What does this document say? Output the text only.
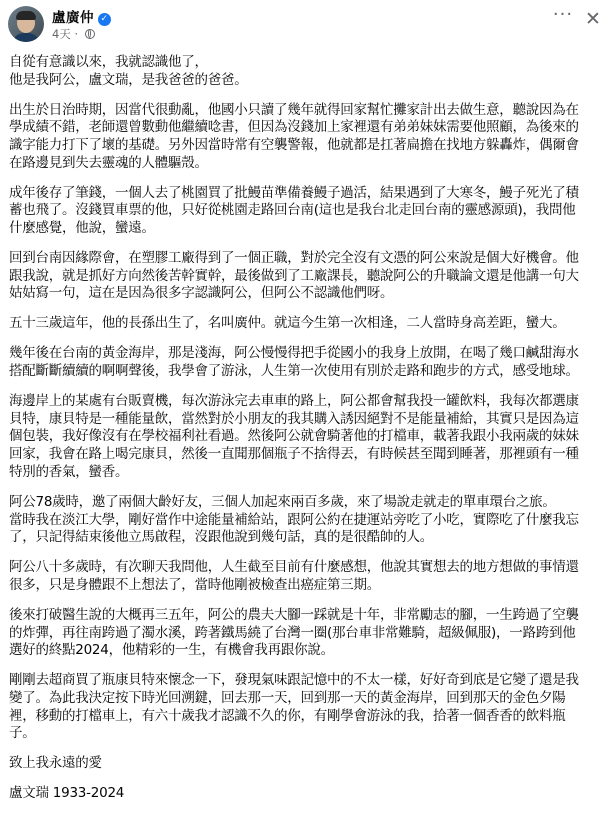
盧廣仲 ✓
4天 ·
··· ✕
自從有意識以來，我就認識他了，
他是我阿公，盧文瑞，是我爸爸的爸爸。
出生於日治時期，因當代很動亂，他國小只讀了幾年就得回家幫忙攤家計出去做生意，聽說因為在
學成績不錯，老師還曾數動他繼續唸書，但因為沒錢加上家裡還有弟弟妹妹需要他照顧，為後來的
識字能力打下了壞的基礎。另外因當時常有空襲警報，他就都是扛著扁擔在找地方躲轟炸，偶爾會
在路邊見到失去靈魂的人體驅殼。
成年後存了筆錢，一個人去了桃園買了批鰻苗準備養鰻子過活，結果遇到了大寒冬，鰻子死光了積
蓄也飛了。沒錢買車票的他，只好從桃園走路回台南(這也是我台北走回台南的靈感源頭)，我問他
什麼感覺，他說，蠻遠。
回到台南因緣際會，在塑膠工廠得到了一個正職，對於完全沒有文憑的阿公來說是個大好機會。他
跟我說，就是抓好方向然後苦幹實幹，最後做到了工廠課長，聽說阿公的升職論文還是他講一句大
姑姑寫一句，這在是因為很多字認識阿公，但阿公不認識他們呀。
五十三歲這年，他的長孫出生了，名叫廣仲。就這今生第一次相逢，二人當時身高差距，蠻大。
幾年後在台南的黃金海岸，那是淺海，阿公慢慢得把手從國小的我身上放開，在喝了幾口鹹甜海水
搭配斷斷續續的啊啊聲後，我學會了游泳，人生第一次使用有別於走路和跑步的方式，感受地球。
海邊岸上的某處有台販賣機，每次游泳完去車車的路上，阿公都會幫我投一罐飲料，我每次都選康
貝特，康貝特是一種能量飲，當然對於小朋友的我其購入誘因絕對不是能量補給，其實只是因為這
個包裝，我好像沒有在學校福利社看過。然後阿公就會騎著他的打檔車，載著我跟小我兩歲的妹妹
回家，我會在路上喝完康貝，然後一直聞那個瓶子不捨得丟，有時候甚至聞到睡著，那裡頭有一種
特別的香氣，蠻香。
阿公78歲時，邀了兩個大齡好友，三個人加起來兩百多歲，來了場說走就走的單車環台之旅。
當時我在淡江大學，剛好當作中途能量補給站，跟阿公約在捷運站旁吃了小吃，實際吃了什麼我忘
了，只記得結束後他立馬啟程，沒跟他說到幾句話，真的是很酷帥的人。
阿公八十多歲時，有次聊天我問他，人生截至目前有什麼感想，他說其實想去的地方想做的事情還
很多，只是身體跟不上想法了，當時他剛被檢查出癌症第三期。
後來打破醫生說的大概再三五年，阿公的農夫大腳一踩就是十年，非常勵志的腳，一生跨過了空襲
的炸彈，再往南跨過了濁水溪，跨著鐵馬繞了台灣一圈(那台車非常難騎，超級佩服)，一路跨到他
選好的終點2024，他精彩的一生，有機會我再跟你說。
剛剛去超商買了瓶康貝特來懷念一下，發現氣味跟記憶中的不太一樣，好好奇到底是它變了還是我
變了。為此我決定按下時光回溯鍵，回去那一天，回到那一天的黃金海岸，回到那天的金色夕陽
裡，移動的打檔車上，有六十歲我才認識不久的你，有剛學會游泳的我，拾著一個香香的飲料瓶
子。
致上我永遠的愛
盧文瑞 1933-2024
